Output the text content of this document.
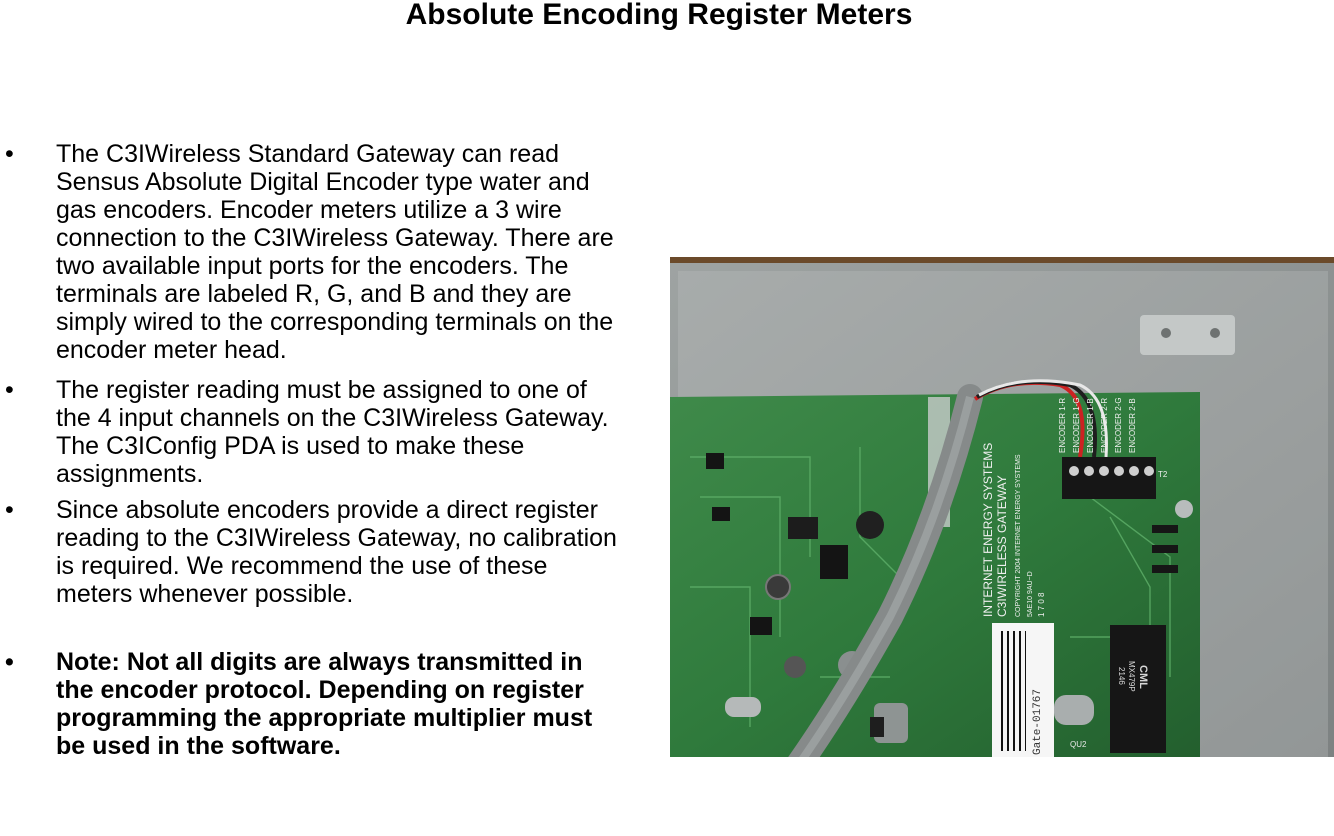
Absolute Encoding Register Meters
•	The C3IWireless Standard Gateway can read Sensus Absolute Digital Encoder type water and gas encoders. Encoder meters utilize a 3 wire connection to the C3IWireless Gateway. There are two available input ports for the encoders. The terminals are labeled R, G, and B and they are simply wired to the corresponding terminals on the encoder meter head.
•	The register reading must be assigned to one of the 4 input channels on the C3IWireless Gateway. The C3IConfig PDA is used to make these assignments.
•	Since absolute encoders provide a direct register reading to the C3IWireless Gateway, no calibration is required. We recommend the use of these meters whenever possible.
•	Note: Not all digits are always transmitted in the encoder protocol. Depending on register programming the appropriate multiplier must be used in the software.
INTERNET ENERGY SYSTEMS C3IWIRELESS GATEWAY COPYRIGHT 2004 INTERNET ENERGY SYSTEMS 5AE10 9AU~D 1 7 0 8
ENCODER 1-R ENCODER 1-G ENCODER 1-B ENCODER 2-R ENCODER 2-G ENCODER 2-B
T2
CML
MX479P
2146
QU2
Gate-01767
